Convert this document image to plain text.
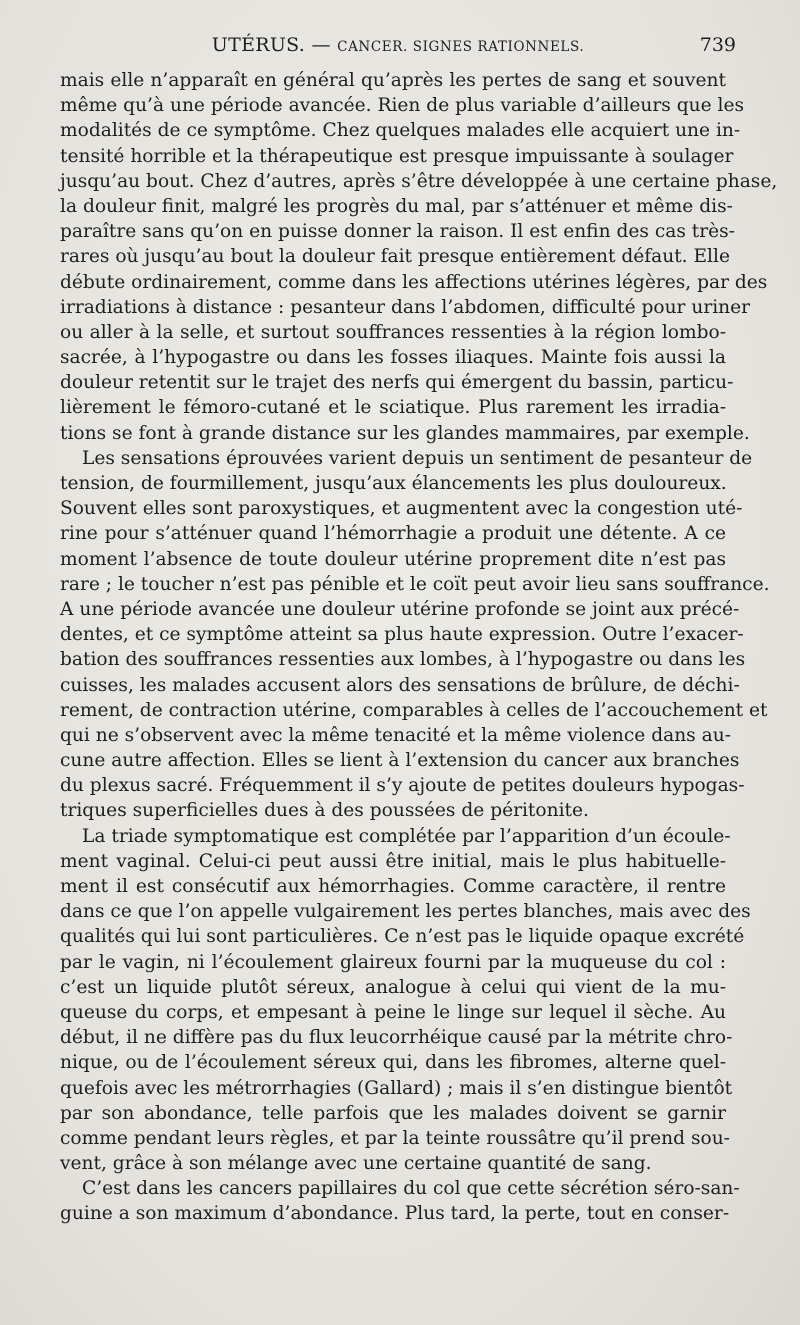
UTÉRUS. — CANCER. SIGNES RATIONNELS.	739
mais elle n’apparaît en général qu’après les pertes de sang et souvent
même qu’à une période avancée. Rien de plus variable d’ailleurs que les
modalités de ce symptôme. Chez quelques malades elle acquiert une in-
tensité horrible et la thérapeutique est presque impuissante à soulager
jusqu’au bout. Chez d’autres, après s’être développée à une certaine phase,
la douleur finit, malgré les progrès du mal, par s’atténuer et même dis-
paraître sans qu’on en puisse donner la raison. Il est enfin des cas très-
rares où jusqu’au bout la douleur fait presque entièrement défaut. Elle
débute ordinairement, comme dans les affections utérines légères, par des
irradiations à distance : pesanteur dans l’abdomen, difficulté pour uriner
ou aller à la selle, et surtout souffrances ressenties à la région lombo-
sacrée, à l’hypogastre ou dans les fosses iliaques. Mainte fois aussi la
douleur retentit sur le trajet des nerfs qui émergent du bassin, particu-
lièrement le fémoro-cutané et le sciatique. Plus rarement les irradia-
tions se font à grande distance sur les glandes mammaires, par exemple.
Les sensations éprouvées varient depuis un sentiment de pesanteur de
tension, de fourmillement, jusqu’aux élancements les plus douloureux.
Souvent elles sont paroxystiques, et augmentent avec la congestion uté-
rine pour s’atténuer quand l’hémorrhagie a produit une détente. A ce
moment l’absence de toute douleur utérine proprement dite n’est pas
rare ; le toucher n’est pas pénible et le coït peut avoir lieu sans souffrance.
A une période avancée une douleur utérine profonde se joint aux précé-
dentes, et ce symptôme atteint sa plus haute expression. Outre l’exacer-
bation des souffrances ressenties aux lombes, à l’hypogastre ou dans les
cuisses, les malades accusent alors des sensations de brûlure, de déchi-
rement, de contraction utérine, comparables à celles de l’accouchement et
qui ne s’observent avec la même tenacité et la même violence dans au-
cune autre affection. Elles se lient à l’extension du cancer aux branches
du plexus sacré. Fréquemment il s’y ajoute de petites douleurs hypogas-
triques superficielles dues à des poussées de péritonite.
La triade symptomatique est complétée par l’apparition d’un écoule-
ment vaginal. Celui-ci peut aussi être initial, mais le plus habituelle-
ment il est consécutif aux hémorrhagies. Comme caractère, il rentre
dans ce que l’on appelle vulgairement les pertes blanches, mais avec des
qualités qui lui sont particulières. Ce n’est pas le liquide opaque excrété
par le vagin, ni l’écoulement glaireux fourni par la muqueuse du col :
c’est un liquide plutôt séreux, analogue à celui qui vient de la mu-
queuse du corps, et empesant à peine le linge sur lequel il sèche. Au
début, il ne diffère pas du flux leucorrhéique causé par la métrite chro-
nique, ou de l’écoulement séreux qui, dans les fibromes, alterne quel-
quefois avec les métrorrhagies (Gallard) ; mais il s’en distingue bientôt
par son abondance, telle parfois que les malades doivent se garnir
comme pendant leurs règles, et par la teinte roussâtre qu’il prend sou-
vent, grâce à son mélange avec une certaine quantité de sang.
C’est dans les cancers papillaires du col que cette sécrétion séro-san-
guine a son maximum d’abondance. Plus tard, la perte, tout en conser-
